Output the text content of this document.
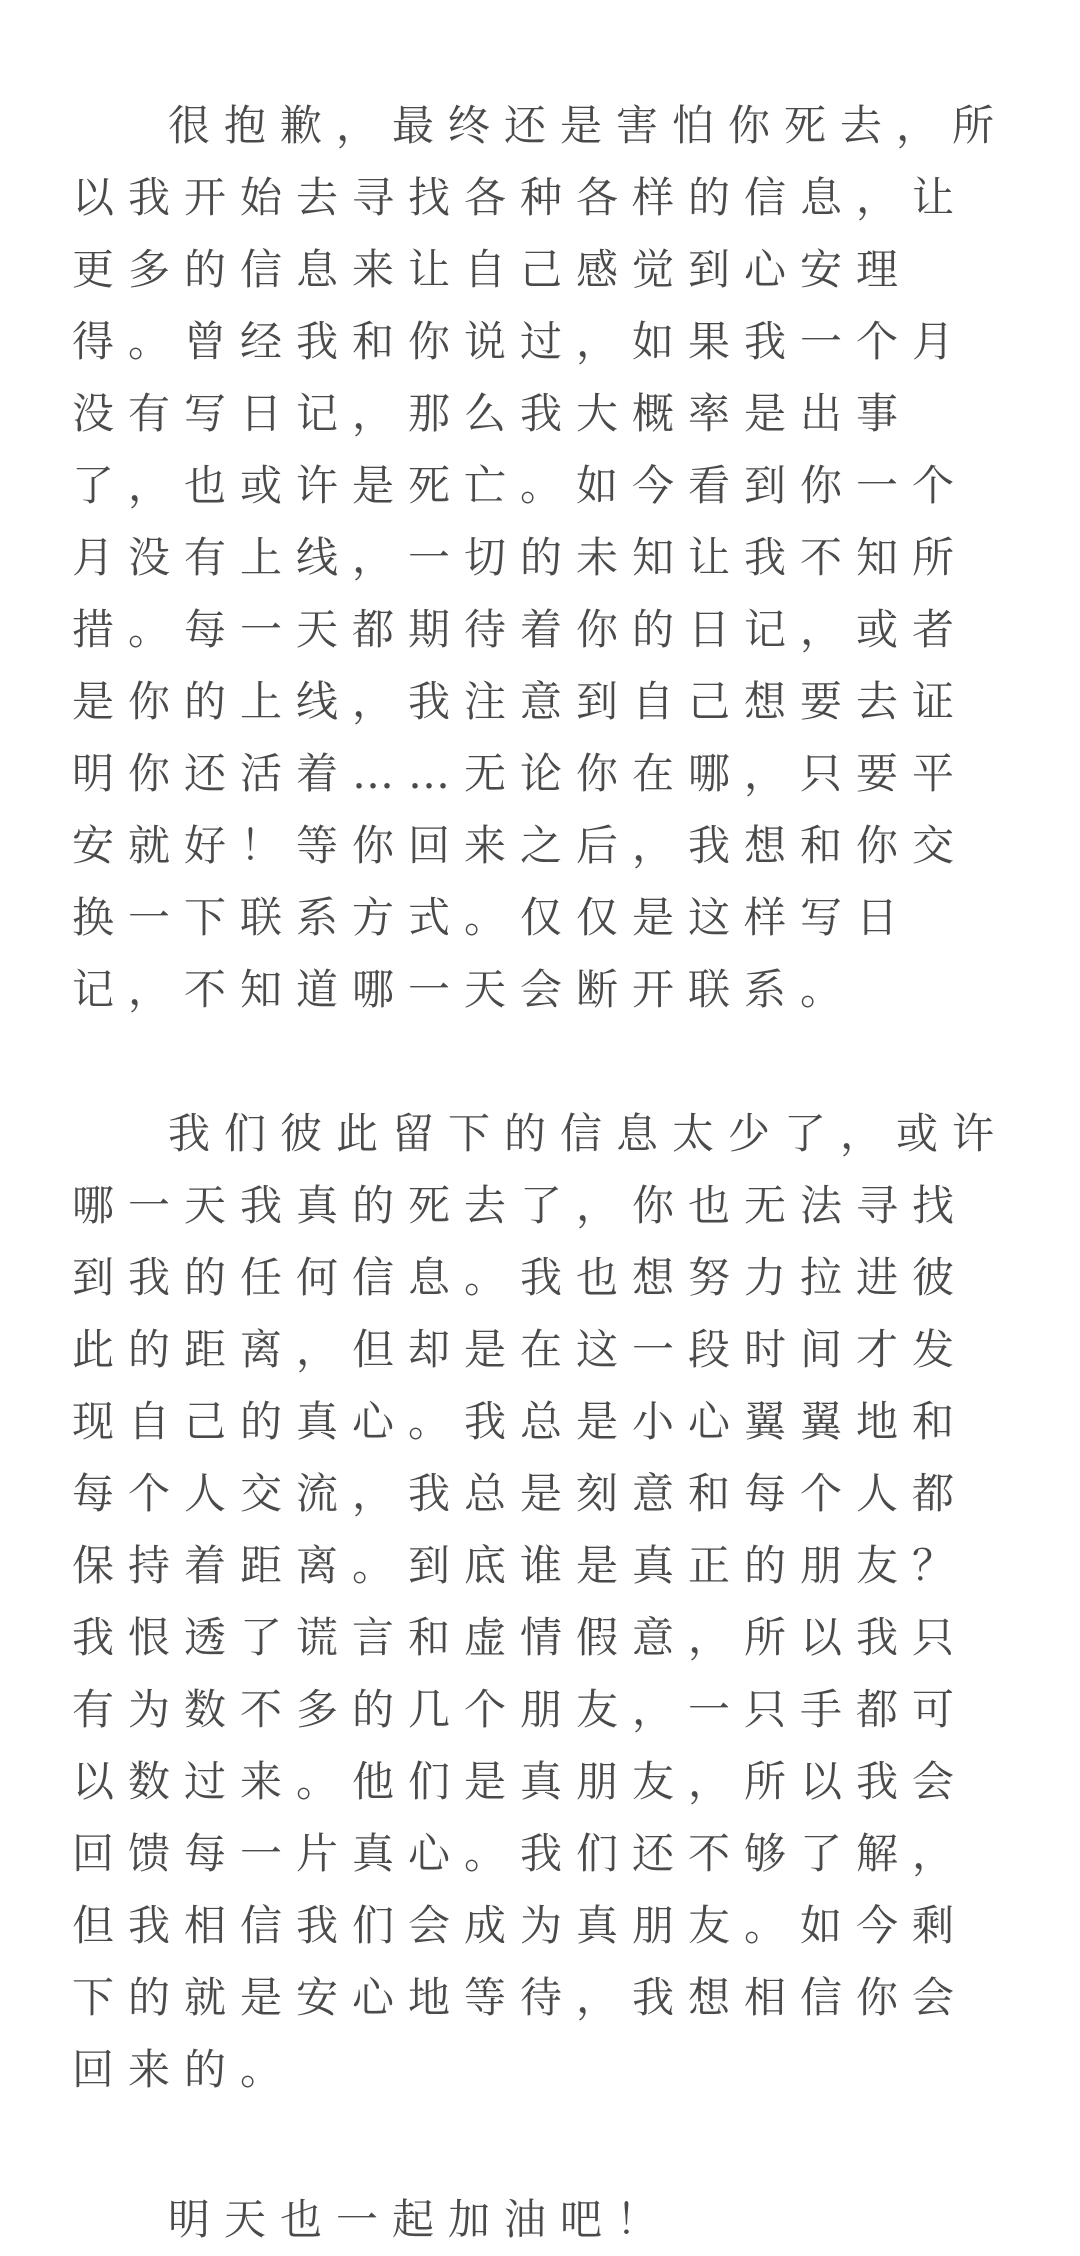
很抱歉，最终还是害怕你死去，所以我开始去寻找各种各样的信息，让更多的信息来让自己感觉到心安理得。曾经我和你说过，如果我一个月没有写日记，那么我大概率是出事了，也或许是死亡。如今看到你一个月没有上线，一切的未知让我不知所措。每一天都期待着你的日记，或者是你的上线，我注意到自己想要去证明你还活着……无论你在哪，只要平安就好！等你回来之后，我想和你交换一下联系方式。仅仅是这样写日记，不知道哪一天会断开联系。

我们彼此留下的信息太少了，或许哪一天我真的死去了，你也无法寻找到我的任何信息。我也想努力拉进彼此的距离，但却是在这一段时间才发现自己的真心。我总是小心翼翼地和每个人交流，我总是刻意和每个人都保持着距离。到底谁是真正的朋友？我恨透了谎言和虚情假意，所以我只有为数不多的几个朋友，一只手都可以数过来。他们是真朋友，所以我会回馈每一片真心。我们还不够了解，但我相信我们会成为真朋友。如今剩下的就是安心地等待，我想相信你会回来的。

明天也一起加油吧！
